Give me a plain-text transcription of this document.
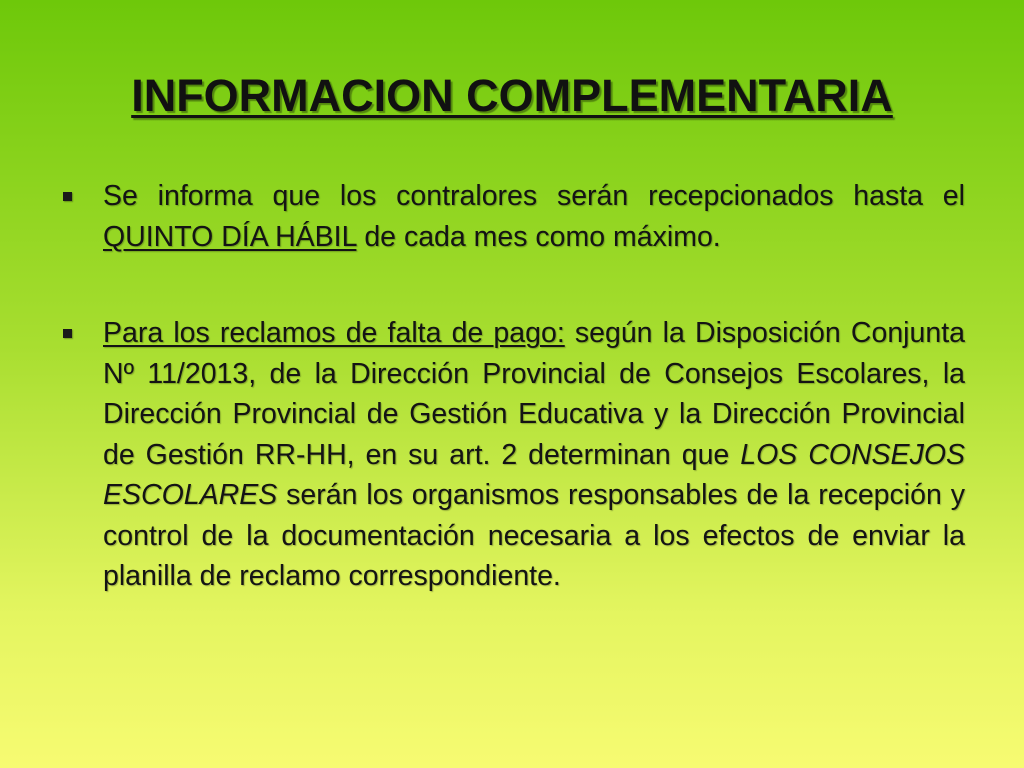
INFORMACION COMPLEMENTARIA
Se informa que los contralores serán recepcionados hasta el QUINTO DÍA HÁBIL de cada mes como máximo.
Para los reclamos de falta de pago: según la Disposición Conjunta Nº 11/2013, de la Dirección Provincial de Consejos Escolares, la Dirección Provincial de Gestión Educativa y la Dirección Provincial de Gestión RR-HH, en su art. 2 determinan que LOS CONSEJOS ESCOLARES serán los organismos responsables de la recepción y control de la documentación necesaria a los efectos de enviar la planilla de reclamo correspondiente.
